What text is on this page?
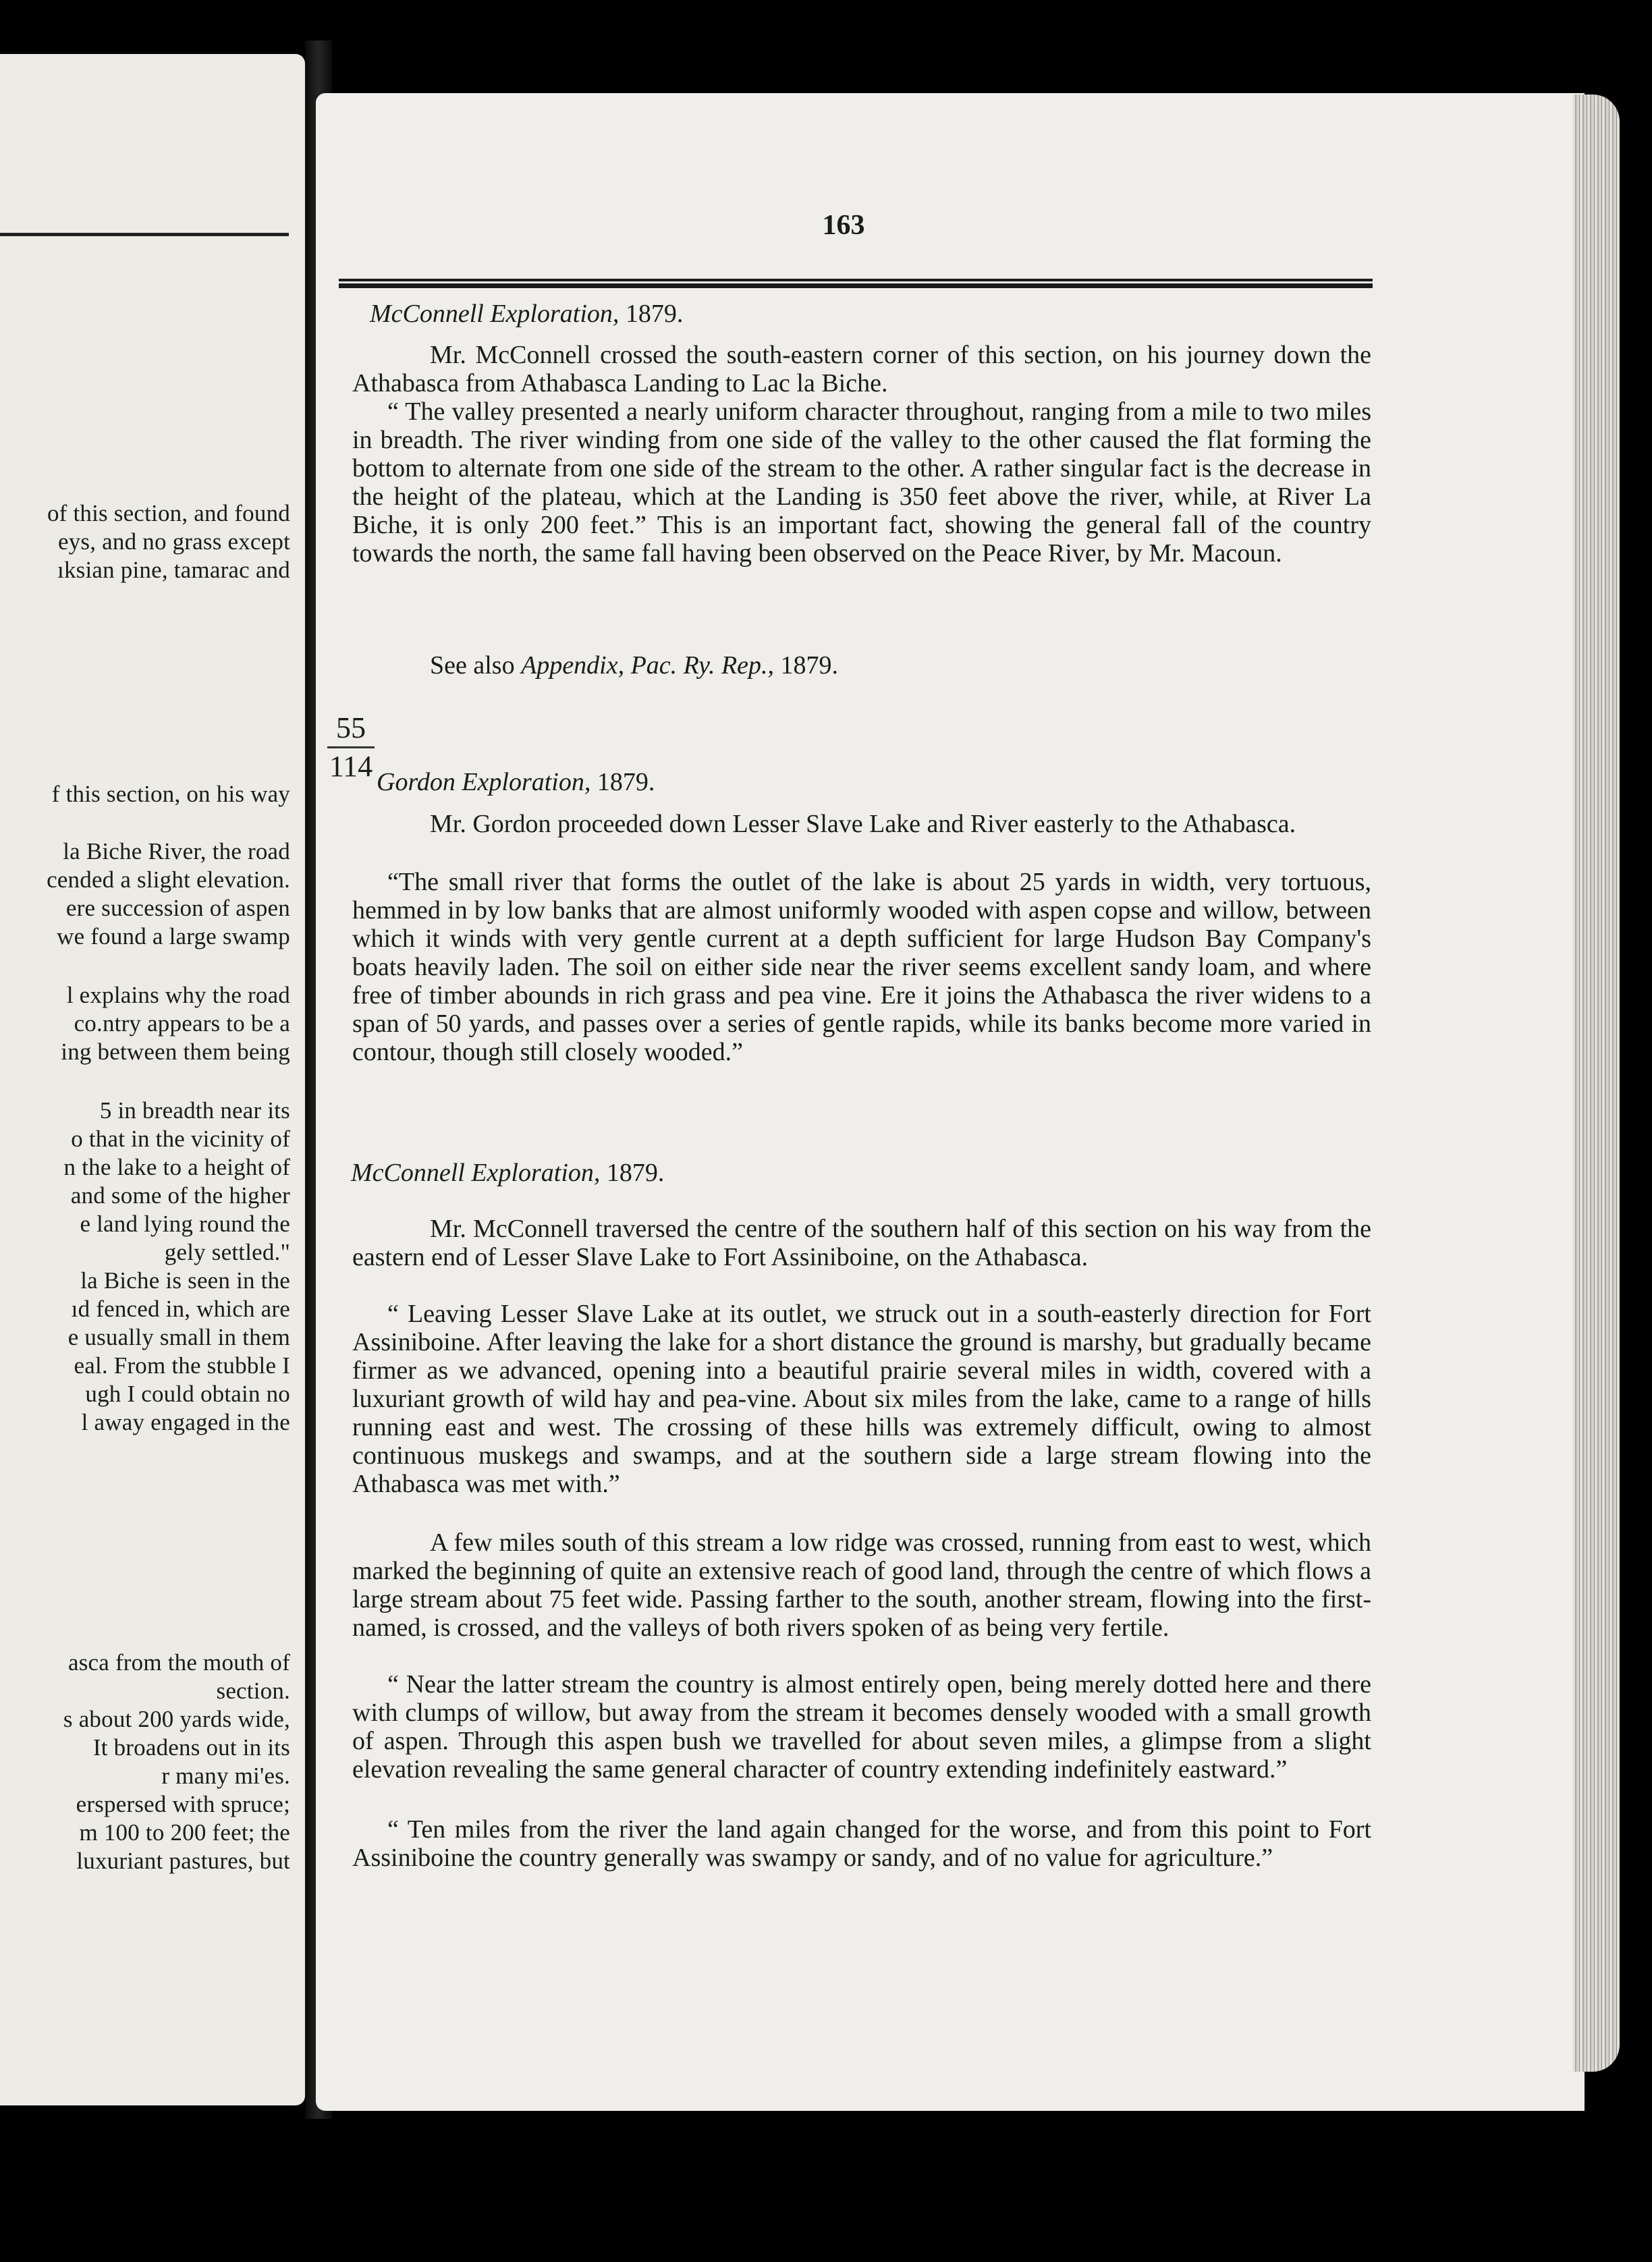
of this section, and found
eys, and no grass except
ıksian pine, tamarac and
f this section, on his way
la Biche River, the road
cended a slight elevation.
ere succession of aspen
we found a large swamp
l explains why the road
co.ntry appears to be a
ing between them being
5 in breadth near its
o that in the vicinity of
n the lake to a height of
and some of the higher
e land lying round the
gely settled."
la Biche is seen in the
ıd fenced in, which are
e usually small in them
eal. From the stubble I
ugh I could obtain no
l away engaged in the
asca from the mouth of
section.
s about 200 yards wide,
It broadens out in its
r many mi'es.
erspersed with spruce;
m 100 to 200 feet; the
luxuriant pastures, but
163
McConnell Exploration, 1879.
Mr. McConnell crossed the south-eastern corner of this section, on his journey down the Athabasca from Athabasca Landing to Lac la Biche.
“ The valley presented a nearly uniform character throughout, ranging from a mile to two miles in breadth. The river winding from one side of the valley to the other caused the flat forming the bottom to alternate from one side of the stream to the other. A rather singular fact is the decrease in the height of the plateau, which at the Landing is 350 feet above the river, while, at River La Biche, it is only 200 feet.” This is an important fact, showing the general fall of the country towards the north, the same fall having been observed on the Peace River, by Mr. Macoun.
See also Appendix, Pac. Ry. Rep., 1879.
55
114 Gordon Exploration, 1879.
Mr. Gordon proceeded down Lesser Slave Lake and River easterly to the Athabasca.
“The small river that forms the outlet of the lake is about 25 yards in width, very tortuous, hemmed in by low banks that are almost uniformly wooded with aspen copse and willow, between which it winds with very gentle current at a depth sufficient for large Hudson Bay Company's boats heavily laden. The soil on either side near the river seems excellent sandy loam, and where free of timber abounds in rich grass and pea vine. Ere it joins the Athabasca the river widens to a span of 50 yards, and passes over a series of gentle rapids, while its banks become more varied in contour, though still closely wooded.”
McConnell Exploration, 1879.
Mr. McConnell traversed the centre of the southern half of this section on his way from the eastern end of Lesser Slave Lake to Fort Assiniboine, on the Athabasca.
“ Leaving Lesser Slave Lake at its outlet, we struck out in a south-easterly direction for Fort Assiniboine. After leaving the lake for a short distance the ground is marshy, but gradually became firmer as we advanced, opening into a beautiful prairie several miles in width, covered with a luxuriant growth of wild hay and pea-vine. About six miles from the lake, came to a range of hills running east and west. The crossing of these hills was extremely difficult, owing to almost continuous muskegs and swamps, and at the southern side a large stream flowing into the Athabasca was met with.”
A few miles south of this stream a low ridge was crossed, running from east to west, which marked the beginning of quite an extensive reach of good land, through the centre of which flows a large stream about 75 feet wide. Passing farther to the south, another stream, flowing into the first-named, is crossed, and the valleys of both rivers spoken of as being very fertile.
“ Near the latter stream the country is almost entirely open, being merely dotted here and there with clumps of willow, but away from the stream it becomes densely wooded with a small growth of aspen. Through this aspen bush we travelled for about seven miles, a glimpse from a slight elevation revealing the same general character of country extending indefinitely eastward.”
“ Ten miles from the river the land again changed for the worse, and from this point to Fort Assiniboine the country generally was swampy or sandy, and of no value for agriculture.”
